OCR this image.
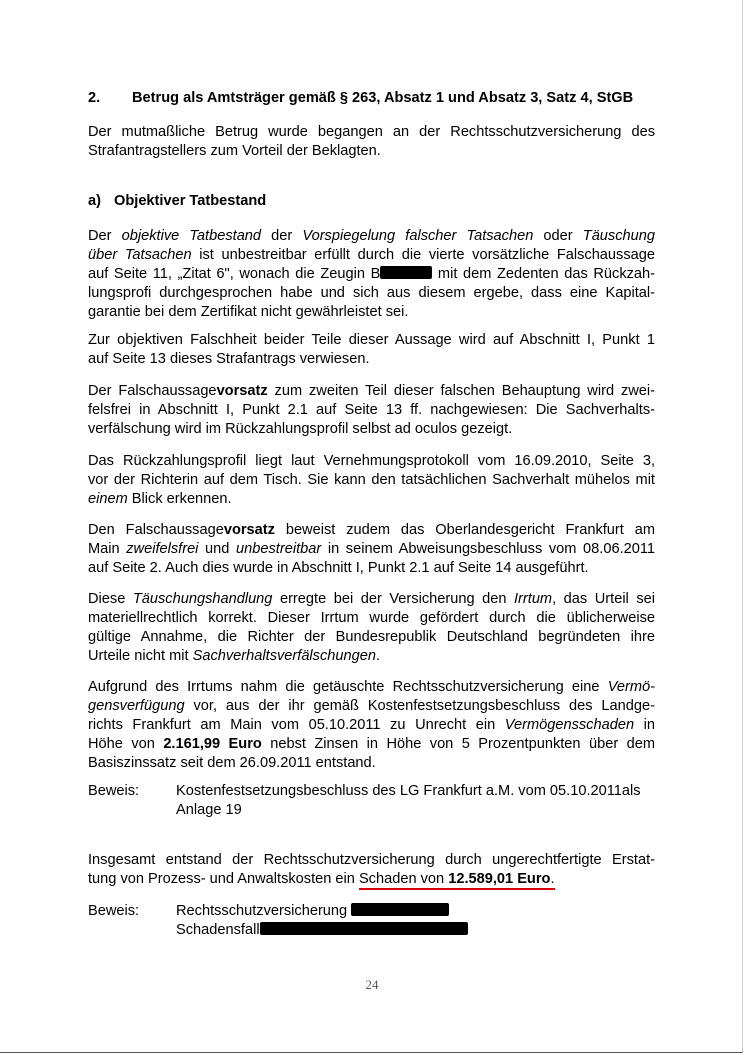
2. Betrug als Amtsträger gemäß § 263, Absatz 1 und Absatz 3, Satz 4, StGB
Der mutmaßliche Betrug wurde begangen an der Rechtsschutzversicherung des
Strafantragstellers zum Vorteil der Beklagten.
a) Objektiver Tatbestand
Der objektive Tatbestand der Vorspiegelung falscher Tatsachen oder Täuschung
über Tatsachen ist unbestreitbar erfüllt durch die vierte vorsätzliche Falschaussage
auf Seite 11, „Zitat 6", wonach die Zeugin B	mit dem Zedenten das Rückzah-
lungsprofi durchgesprochen habe und sich aus diesem ergebe, dass eine Kapital-
garantie bei dem Zertifikat nicht gewährleistet sei.
Zur objektiven Falschheit beider Teile dieser Aussage wird auf Abschnitt I, Punkt 1
auf Seite 13 dieses Strafantrags verwiesen.
Der Falschaussagevorsatz zum zweiten Teil dieser falschen Behauptung wird zwei-
felsfrei in Abschnitt I, Punkt 2.1 auf Seite 13 ff. nachgewiesen: Die Sachverhalts-
verfälschung wird im Rückzahlungsprofil selbst ad oculos gezeigt.
Das Rückzahlungsprofil liegt laut Vernehmungsprotokoll vom 16.09.2010, Seite 3,
vor der Richterin auf dem Tisch. Sie kann den tatsächlichen Sachverhalt mühelos mit
einem Blick erkennen.
Den Falschaussagevorsatz beweist zudem das Oberlandesgericht Frankfurt am
Main zweifelsfrei und unbestreitbar in seinem Abweisungsbeschluss vom 08.06.2011
auf Seite 2. Auch dies wurde in Abschnitt I, Punkt 2.1 auf Seite 14 ausgeführt.
Diese Täuschungshandlung erregte bei der Versicherung den Irrtum, das Urteil sei
materiellrechtlich korrekt. Dieser Irrtum wurde gefördert durch die üblicherweise
gültige Annahme, die Richter der Bundesrepublik Deutschland begründeten ihre
Urteile nicht mit Sachverhaltsverfälschungen.
Aufgrund des Irrtums nahm die getäuschte Rechtsschutzversicherung eine Vermö-
gensverfügung vor, aus der ihr gemäß Kostenfestsetzungsbeschluss des Landge-
richts Frankfurt am Main vom 05.10.2011 zu Unrecht ein Vermögensschaden in
Höhe von 2.161,99 Euro nebst Zinsen in Höhe von 5 Prozentpunkten über dem
Basiszinssatz seit dem 26.09.2011 entstand.
Beweis:	Kostenfestsetzungsbeschluss des LG Frankfurt a.M. vom 05.10.2011als
Anlage 19
Insgesamt entstand der Rechtsschutzversicherung durch ungerechtfertigte Erstat-
tung von Prozess- und Anwaltskosten ein Schaden von 12.589,01 Euro.
Beweis:	Rechtsschutzversicherung
Schadensfall
24
